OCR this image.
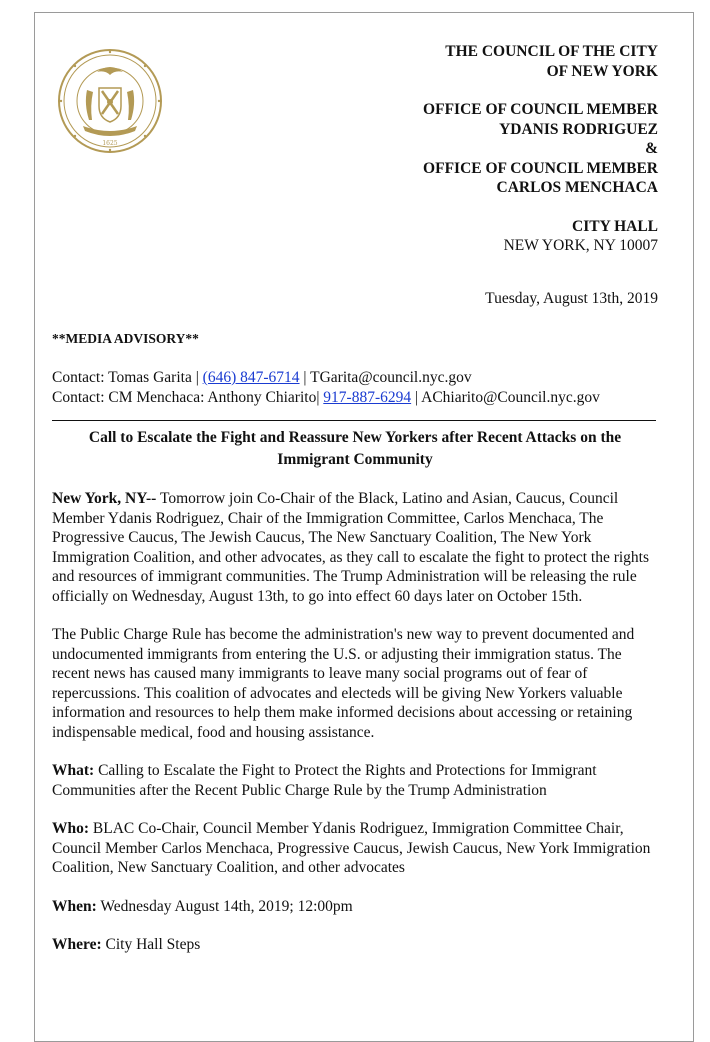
1625
THE COUNCIL OF THE CITY
OF NEW YORK
OFFICE OF COUNCIL MEMBER
YDANIS RODRIGUEZ
&
OFFICE OF COUNCIL MEMBER
CARLOS MENCHACA
CITY HALL
NEW YORK, NY 10007
Tuesday, August 13th, 2019
**MEDIA ADVISORY**
Contact: Tomas Garita | (646) 847-6714 | TGarita@council.nyc.gov
Contact: CM Menchaca: Anthony Chiarito| 917-887-6294 | AChiarito@Council.nyc.gov
Call to Escalate the Fight and Reassure New Yorkers after Recent Attacks on the Immigrant Community

New York, NY-- Tomorrow join Co-Chair of the Black, Latino and Asian, Caucus, Council Member Ydanis Rodriguez, Chair of the Immigration Committee, Carlos Menchaca, The Progressive Caucus, The Jewish Caucus, The New Sanctuary Coalition, The New York Immigration Coalition, and other advocates, as they call to escalate the fight to protect the rights and resources of immigrant communities. The Trump Administration will be releasing the rule officially on Wednesday, August 13th, to go into effect 60 days later on October 15th.

The Public Charge Rule has become the administration's new way to prevent documented and undocumented immigrants from entering the U.S. or adjusting their immigration status. The recent news has caused many immigrants to leave many social programs out of fear of repercussions. This coalition of advocates and electeds will be giving New Yorkers valuable information and resources to help them make informed decisions about accessing or retaining indispensable medical, food and housing assistance.

What: Calling to Escalate the Fight to Protect the Rights and Protections for Immigrant Communities after the Recent Public Charge Rule by the Trump Administration

Who: BLAC Co-Chair, Council Member Ydanis Rodriguez, Immigration Committee Chair, Council Member Carlos Menchaca, Progressive Caucus, Jewish Caucus, New York Immigration Coalition, New Sanctuary Coalition, and other advocates

When: Wednesday August 14th, 2019; 12:00pm

Where: City Hall Steps
